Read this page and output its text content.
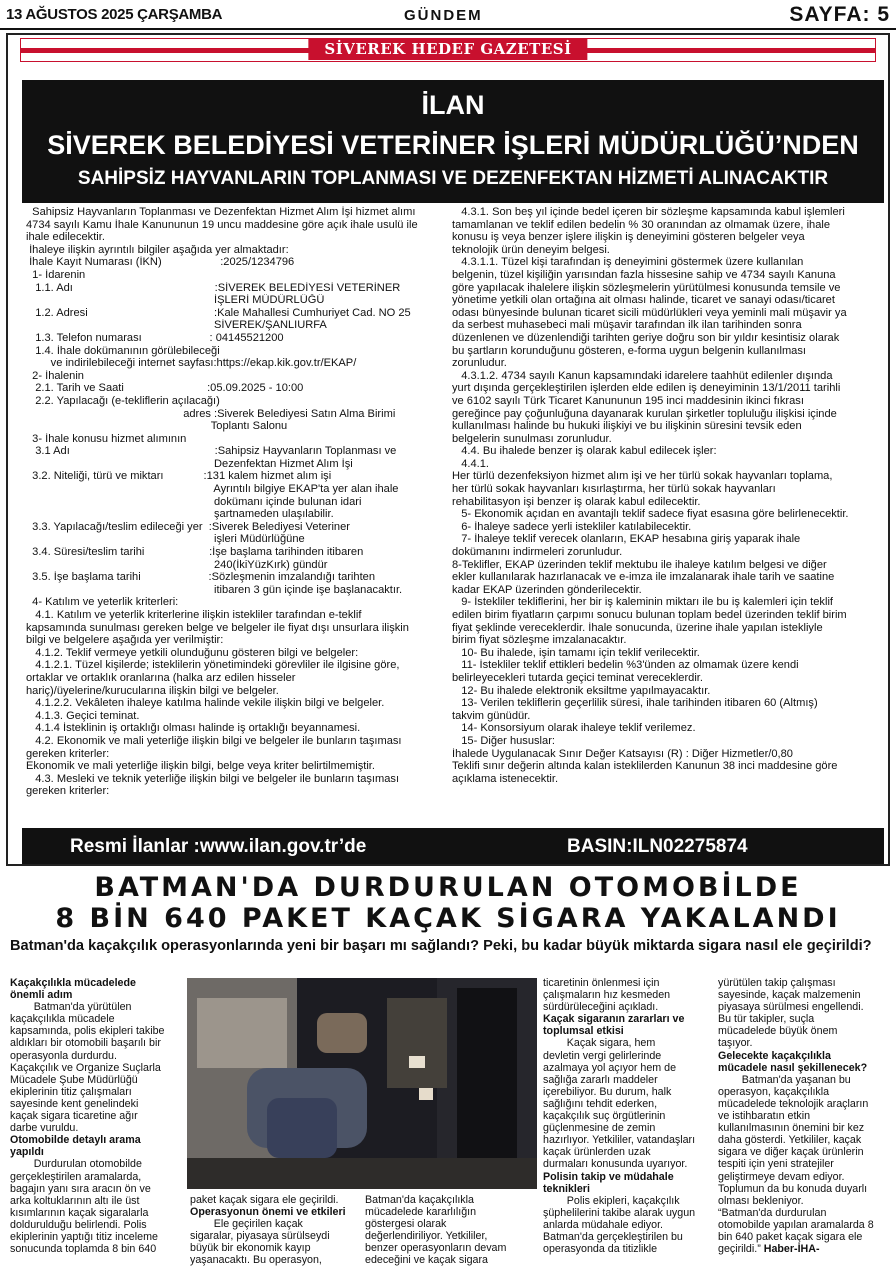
13 AĞUSTOS 2025 ÇARŞAMBA	GÜNDEM	SAYFA: 5
SİVEREK HEDEF GAZETESİ
İLAN
SİVEREK BELEDİYESİ VETERİNER İŞLERİ MÜDÜRLÜĞÜ’NDEN
SAHİPSİZ HAYVANLARIN TOPLANMASI VE DEZENFEKTAN HİZMETİ ALINACAKTIR

Sahipsiz Hayvanların Toplanması ve Dezenfektan Hizmet Alım İşi hizmet alımı

4734 sayılı Kamu İhale Kanununun 19 uncu maddesine göre açık ihale usulü ile

ihale edilecektir.

İhaleye ilişkin ayrıntılı bilgiler aşağıda yer almaktadır:

İhale Kayıt Numarası (İKN)                   :2025/1234796

1- İdarenin

1.1. Adı                                              :SİVEREK BELEDİYESİ VETERİNER

İŞLERİ MÜDÜRLÜĞÜ

1.2. Adresi                                         :Kale Mahallesi Cumhuriyet Cad. NO 25

SİVEREK/ŞANLIURFA

1.3. Telefon numarası                      : 04145521200

1.4. İhale dokümanının görülebileceği

ve indirilebileceği internet sayfası:https://ekap.kik.gov.tr/EKAP/

2- İhalenin

2.1. Tarih ve Saati                           :05.09.2025 - 10:00

2.2. Yapılacağı (e-tekliflerin açılacağı)

adres :Siverek Belediyesi Satın Alma Birimi

Toplantı Salonu

3- İhale konusu hizmet alımının

3.1 Adı                                               :Sahipsiz Hayvanların Toplanması ve

Dezenfektan Hizmet Alım İşi

3.2. Niteliği, türü ve miktarı             :131 kalem hizmet alım işi

Ayrıntılı bilgiye EKAP'ta yer alan ihale

dokümanı içinde bulunan idari

şartnameden ulaşılabilir.

3.3. Yapılacağı/teslim edileceği yer  :Siverek Belediyesi Veteriner

işleri Müdürlüğüne

3.4. Süresi/teslim tarihi                     :İşe başlama tarihinden itibaren

240(İkiYüzKırk) gündür

3.5. İşe başlama tarihi                      :Sözleşmenin imzalandığı tarihten

itibaren 3 gün içinde işe başlanacaktır.

4- Katılım ve yeterlik kriterleri:

4.1. Katılım ve yeterlik kriterlerine ilişkin istekliler tarafından e-teklif

kapsamında sunulması gereken belge ve belgeler ile fiyat dışı unsurlara ilişkin

bilgi ve belgelere aşağıda yer verilmiştir:

4.1.2. Teklif vermeye yetkili olunduğunu gösteren bilgi ve belgeler:

4.1.2.1. Tüzel kişilerde; isteklilerin yönetimindeki görevliler ile ilgisine göre,

ortaklar ve ortaklık oranlarına (halka arz edilen hisseler

hariç)/üyelerine/kurucularına ilişkin bilgi ve belgeler.

4.1.2.2. Vekâleten ihaleye katılma halinde vekile ilişkin bilgi ve belgeler.

4.1.3. Geçici teminat.

4.1.4 İsteklinin iş ortaklığı olması halinde iş ortaklığı beyannamesi.

4.2. Ekonomik ve mali yeterliğe ilişkin bilgi ve belgeler ile bunların taşıması

gereken kriterler:

Ekonomik ve mali yeterliğe ilişkin bilgi, belge veya kriter belirtilmemiştir.

4.3. Mesleki ve teknik yeterliğe ilişkin bilgi ve belgeler ile bunların taşıması

gereken kriterler:

4.3.1. Son beş yıl içinde bedel içeren bir sözleşme kapsamında kabul işlemleri

tamamlanan ve teklif edilen bedelin % 30 oranından az olmamak üzere, ihale

konusu iş veya benzer işlere ilişkin iş deneyimini gösteren belgeler veya

teknolojik ürün deneyim belgesi.

4.3.1.1. Tüzel kişi tarafından iş deneyimini göstermek üzere kullanılan

belgenin, tüzel kişiliğin yarısından fazla hissesine sahip ve 4734 sayılı Kanuna

göre yapılacak ihalelere ilişkin sözleşmelerin yürütülmesi konusunda temsile ve

yönetime yetkili olan ortağına ait olması halinde, ticaret ve sanayi odası/ticaret

odası bünyesinde bulunan ticaret sicili müdürlükleri veya yeminli mali müşavir ya

da serbest muhasebeci mali müşavir tarafından ilk ilan tarihinden sonra

düzenlenen ve düzenlendiği tarihten geriye doğru son bir yıldır kesintisiz olarak

bu şartların korunduğunu gösteren, e-forma uygun belgenin kullanılması

zorunludur.

4.3.1.2. 4734 sayılı Kanun kapsamındaki idarelere taahhüt edilenler dışında

yurt dışında gerçekleştirilen işlerden elde edilen iş deneyiminin 13/1/2011 tarihli

ve 6102 sayılı Türk Ticaret Kanununun 195 inci maddesinin ikinci fıkrası

gereğince pay çoğunluğuna dayanarak kurulan şirketler topluluğu ilişkisi içinde

kullanılması halinde bu hukuki ilişkiyi ve bu ilişkinin süresini tevsik eden

belgelerin sunulması zorunludur.

4.4. Bu ihalede benzer iş olarak kabul edilecek işler:

4.4.1.

Her türlü dezenfeksiyon hizmet alım işi ve her türlü sokak hayvanları toplama,

her türlü sokak hayvanları kısırlaştırma, her türlü sokak hayvanları

rehabilitasyon işi benzer iş olarak kabul edilecektir.

5- Ekonomik açıdan en avantajlı teklif sadece fiyat esasına göre belirlenecektir.

6- İhaleye sadece yerli istekliler katılabilecektir.

7- İhaleye teklif verecek olanların, EKAP hesabına giriş yaparak ihale

dokümanını indirmeleri zorunludur.

8-Teklifler, EKAP üzerinden teklif mektubu ile ihaleye katılım belgesi ve diğer

ekler kullanılarak hazırlanacak ve e-imza ile imzalanarak ihale tarih ve saatine

kadar EKAP üzerinden gönderilecektir.

9- İstekliler tekliflerini, her bir iş kaleminin miktarı ile bu iş kalemleri için teklif

edilen birim fiyatların çarpımı sonucu bulunan toplam bedel üzerinden teklif birim

fiyat şeklinde vereceklerdir. İhale sonucunda, üzerine ihale yapılan istekliyle

birim fiyat sözleşme imzalanacaktır.

10- Bu ihalede, işin tamamı için teklif verilecektir.

11- İstekliler teklif ettikleri bedelin %3'ünden az olmamak üzere kendi

belirleyecekleri tutarda geçici teminat vereceklerdir.

12- Bu ihalede elektronik eksiltme yapılmayacaktır.

13- Verilen tekliflerin geçerlilik süresi, ihale tarihinden itibaren 60 (Altmış)

takvim günüdür.

14- Konsorsiyum olarak ihaleye teklif verilemez.

15- Diğer hususlar:

İhalede Uygulanacak Sınır Değer Katsayısı (R) : Diğer Hizmetler/0,80

Teklifi sınır değerin altında kalan isteklilerden Kanunun 38 inci maddesine göre

açıklama istenecektir.

Resmi İlanlar :www.ilan.gov.tr’de	BASIN:ILN02275874
BATMAN'DA DURDURULAN OTOMOBİLDE
8 BİN 640 PAKET KAÇAK SİGARA YAKALANDI
Batman'da kaçakçılık operasyonlarında yeni bir başarı mı sağlandı? Peki, bu kadar büyük miktarda sigara nasıl ele geçirildi?

Kaçakçılıkla mücadelede

önemli adım

Batman'da yürütülen

kaçakçılıkla mücadele

kapsamında, polis ekipleri takibe

aldıkları bir otomobili başarılı bir

operasyonla durdurdu.

Kaçakçılık ve Organize Suçlarla

Mücadele Şube Müdürlüğü

ekiplerinin titiz çalışmaları

sayesinde kent genelindeki

kaçak sigara ticaretine ağır

darbe vuruldu.

Otomobilde detaylı arama

yapıldı

Durdurulan otomobilde

gerçekleştirilen aramalarda,

bagajın yanı sıra aracın ön ve

arka koltuklarının altı ile üst

kısımlarının kaçak sigaralarla

doldurulduğu belirlendi. Polis

ekiplerinin yaptığı titiz inceleme

sonucunda toplamda 8 bin 640

paket kaçak sigara ele geçirildi.

Operasyonun önemi ve etkileri

Ele geçirilen kaçak

sigaralar, piyasaya sürülseydi

büyük bir ekonomik kayıp

yaşanacaktı. Bu operasyon,

Batman'da kaçakçılıkla

mücadelede kararlılığın

göstergesi olarak

değerlendiriliyor. Yetkililer,

benzer operasyonların devam

edeceğini ve kaçak sigara

ticaretinin önlenmesi için

çalışmaların hız kesmeden

sürdürüleceğini açıkladı.

Kaçak sigaranın zararları ve

toplumsal etkisi

Kaçak sigara, hem

devletin vergi gelirlerinde

azalmaya yol açıyor hem de

sağlığa zararlı maddeler

içerebiliyor. Bu durum, halk

sağlığını tehdit ederken,

kaçakçılık suç örgütlerinin

güçlenmesine de zemin

hazırlıyor. Yetkililer, vatandaşları

kaçak ürünlerden uzak

durmaları konusunda uyarıyor.

Polisin takip ve müdahale

teknikleri

Polis ekipleri, kaçakçılık

şüphelilerini takibe alarak uygun

anlarda müdahale ediyor.

Batman'da gerçekleştirilen bu

operasyonda da titizlikle

yürütülen takip çalışması

sayesinde, kaçak malzemenin

piyasaya sürülmesi engellendi.

Bu tür takipler, suçla

mücadelede büyük önem

taşıyor.

Gelecekte kaçakçılıkla

mücadele nasıl şekillenecek?

Batman'da yaşanan bu

operasyon, kaçakçılıkla

mücadelede teknolojik araçların

ve istihbaratın etkin

kullanılmasının önemini bir kez

daha gösterdi. Yetkililer, kaçak

sigara ve diğer kaçak ürünlerin

tespiti için yeni stratejiler

geliştirmeye devam ediyor.

Toplumun da bu konuda duyarlı

olması bekleniyor.

“Batman'da durdurulan

otomobilde yapılan aramalarda 8

bin 640 paket kaçak sigara ele

geçirildi.” Haber-İHA-
